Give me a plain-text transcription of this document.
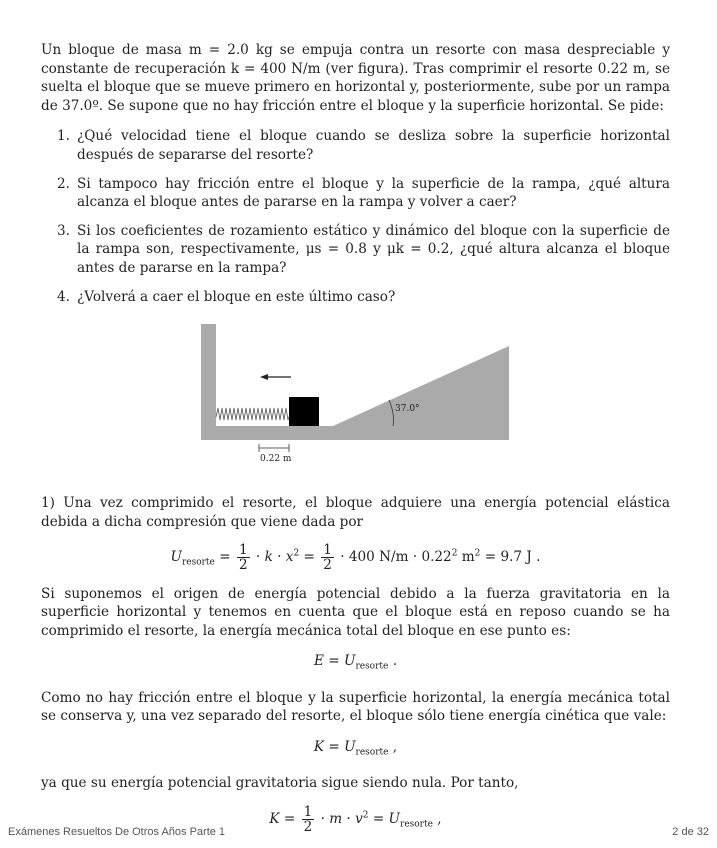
Un bloque de masa m = 2.0 kg se empuja contra un resorte con masa despreciable y constante de recuperación k = 400 N/m (ver figura). Tras comprimir el resorte 0.22 m, se suelta el bloque que se mueve primero en horizontal y, posteriormente, sube por un rampa de 37.0º. Se supone que no hay fricción entre el bloque y la superficie horizontal. Se pide:

1. ¿Qué velocidad tiene el bloque cuando se desliza sobre la superficie horizontal después de separarse del resorte?
2. Si tampoco hay fricción entre el bloque y la superficie de la rampa, ¿qué altura alcanza el bloque antes de pararse en la rampa y volver a caer?
3. Si los coeficientes de rozamiento estático y dinámico del bloque con la superficie de la rampa son, respectivamente, μs = 0.8 y μk = 0.2, ¿qué altura alcanza el bloque antes de pararse en la rampa?
4. ¿Volverá a caer el bloque en este último caso?
37.0°
0.22 m

1) Una vez comprimido el resorte, el bloque adquiere una energía potencial elástica debida a dicha compresión que viene dada por

$U_{resorte} = \frac{1}{2} \cdot k \cdot x^2 = \frac{1}{2} \cdot 400$ $N/m \cdot 0.22^2$ $m^2 = 9.7$ J .

Si suponemos el origen de energía potencial debido a la fuerza gravitatoria en la superficie horizontal y tenemos en cuenta que el bloque está en reposo cuando se ha comprimido el resorte, la energía mecánica total del bloque en ese punto es:

$E = U_{resorte}$ .

Como no hay fricción entre el bloque y la superficie horizontal, la energía mecánica total se conserva y, una vez separado del resorte, el bloque sólo tiene energía cinética que vale:

$K = U_{resorte}$ ,

ya que su energía potencial gravitatoria sigue siendo nula. Por tanto,

$K = \frac{1}{2} \cdot m \cdot v^2 = U_{resorte}$ ,
Exámenes Resueltos De Otros Años Parte 1	2 de 32
